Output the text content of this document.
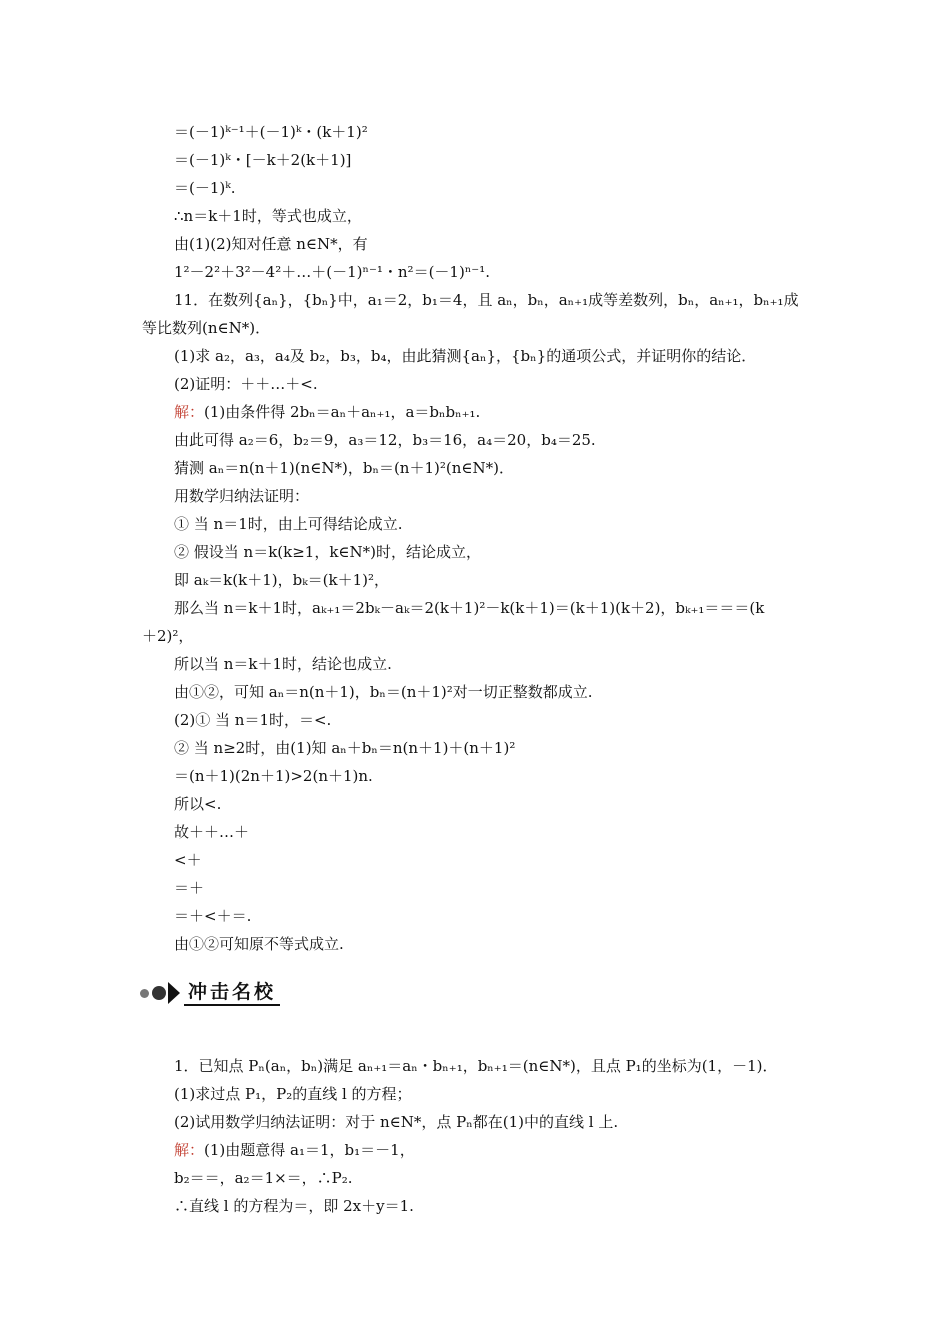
＝(－1)ᵏ⁻¹＋(－1)ᵏ・(k＋1)²
＝(－1)ᵏ・[－k＋2(k＋1)]
＝(－1)ᵏ.
∴n＝k＋1时，等式也成立，
由(1)(2)知对任意 n∈N*，有
1²－2²＋3²－4²＋…＋(－1)ⁿ⁻¹・n²＝(－1)ⁿ⁻¹.
11．在数列{aₙ}，{bₙ}中，a₁＝2，b₁＝4，且 aₙ，bₙ，aₙ₊₁成等差数列，bₙ，aₙ₊₁，bₙ₊₁成
等比数列(n∈N*)．
(1)求 a₂，a₃，a₄及 b₂，b₃，b₄，由此猜测{aₙ}，{bₙ}的通项公式，并证明你的结论．
(2)证明：＋＋…＋<.
解：(1)由条件得 2bₙ＝aₙ＋aₙ₊₁，a＝bₙbₙ₊₁.
由此可得 a₂＝6，b₂＝9，a₃＝12，b₃＝16，a₄＝20，b₄＝25.
猜测 aₙ＝n(n＋1)(n∈N*)，bₙ＝(n＋1)²(n∈N*)．
用数学归纳法证明：
① 当 n＝1时，由上可得结论成立.
② 假设当 n＝k(k≥1，k∈N*)时，结论成立，
即 aₖ＝k(k＋1)，bₖ＝(k＋1)²，
那么当 n＝k＋1时，aₖ₊₁＝2bₖ－aₖ＝2(k＋1)²－k(k＋1)＝(k＋1)(k＋2)，bₖ₊₁＝＝＝(k
＋2)²，
所以当 n＝k＋1时，结论也成立.
由①②，可知 aₙ＝n(n＋1)，bₙ＝(n＋1)²对一切正整数都成立.
(2)① 当 n＝1时，＝<.
② 当 n≥2时，由(1)知 aₙ＋bₙ＝n(n＋1)＋(n＋1)²
＝(n＋1)(2n＋1)>2(n＋1)n.
所以<.
故＋＋…＋
<＋
＝＋
＝＋<＋＝.
由①②可知原不等式成立.
冲击名校
1．已知点 Pₙ(aₙ，bₙ)满足 aₙ₊₁＝aₙ・bₙ₊₁，bₙ₊₁＝(n∈N*)，且点 P₁的坐标为(1，－1)．
(1)求过点 P₁，P₂的直线 l 的方程；
(2)试用数学归纳法证明：对于 n∈N*，点 Pₙ都在(1)中的直线 l 上.
解：(1)由题意得 a₁＝1，b₁＝－1，
b₂＝＝，a₂＝1×＝，∴P₂.
∴直线 l 的方程为＝，即 2x＋y＝1.
